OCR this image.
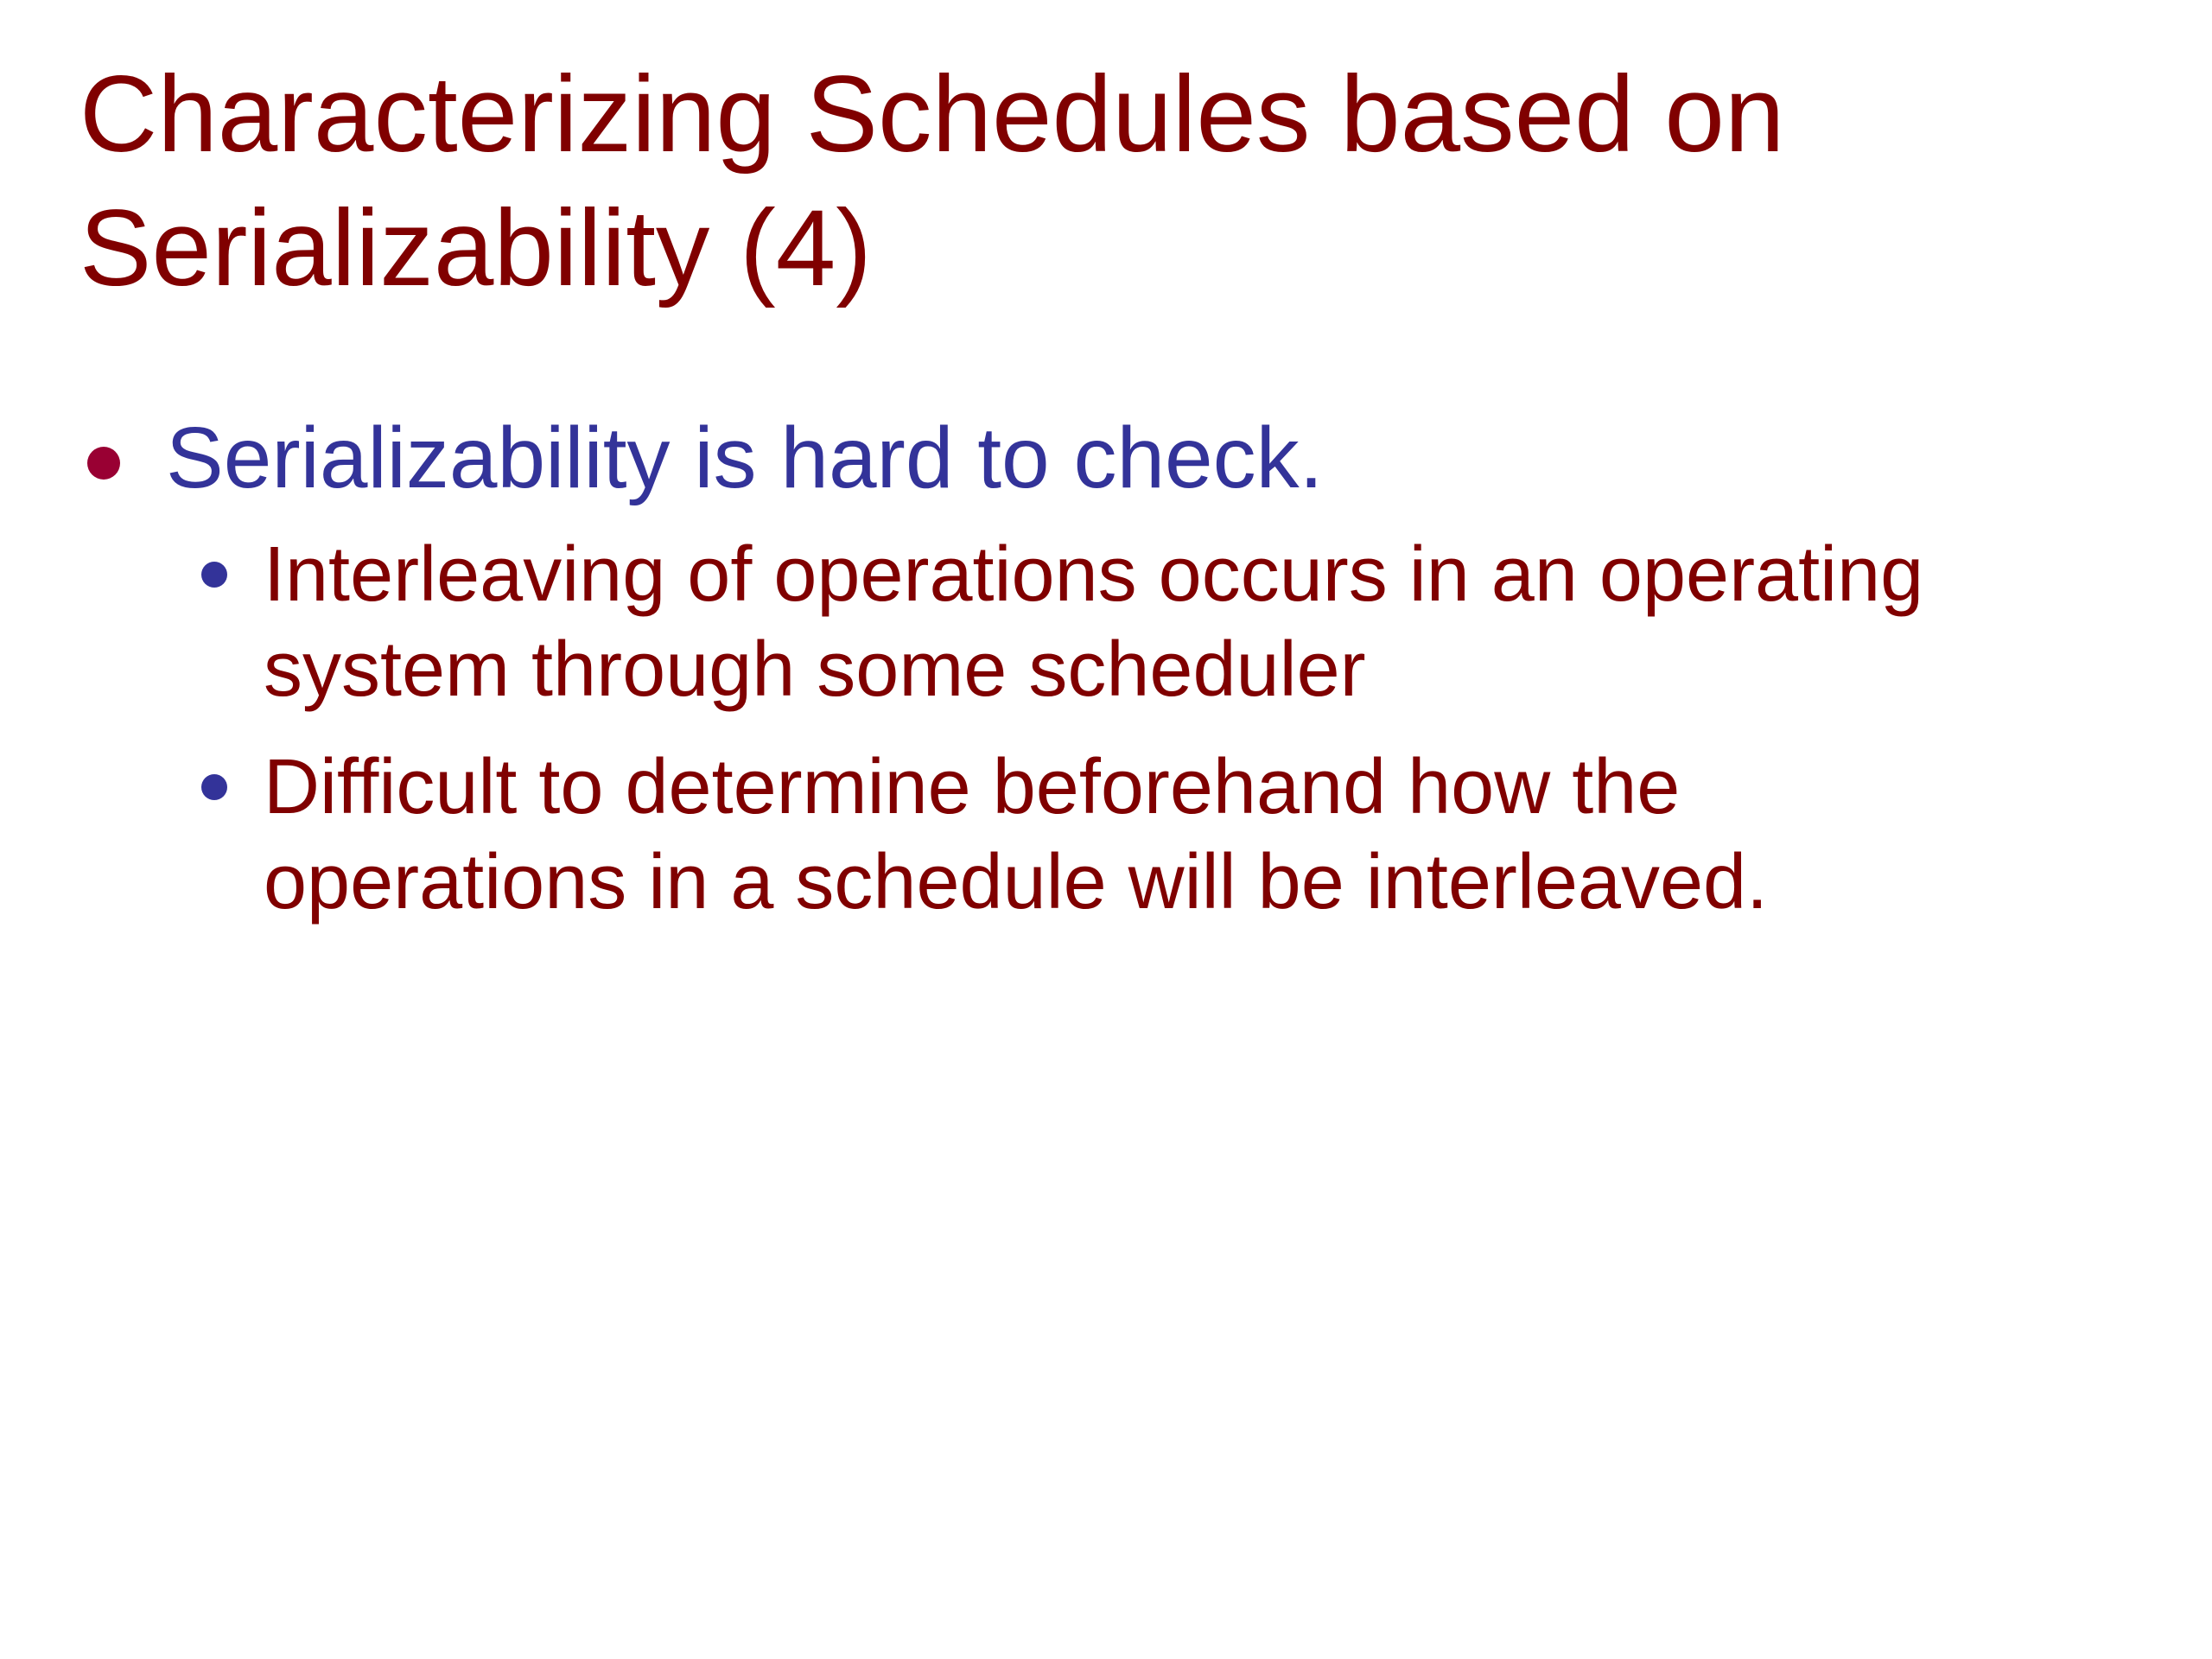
Characterizing Schedules based on
Serializability (4)
Serializability is hard to check.
Interleaving of operations occurs in an operating
system through some scheduler
Difficult to determine beforehand how the
operations in a schedule will be interleaved.
